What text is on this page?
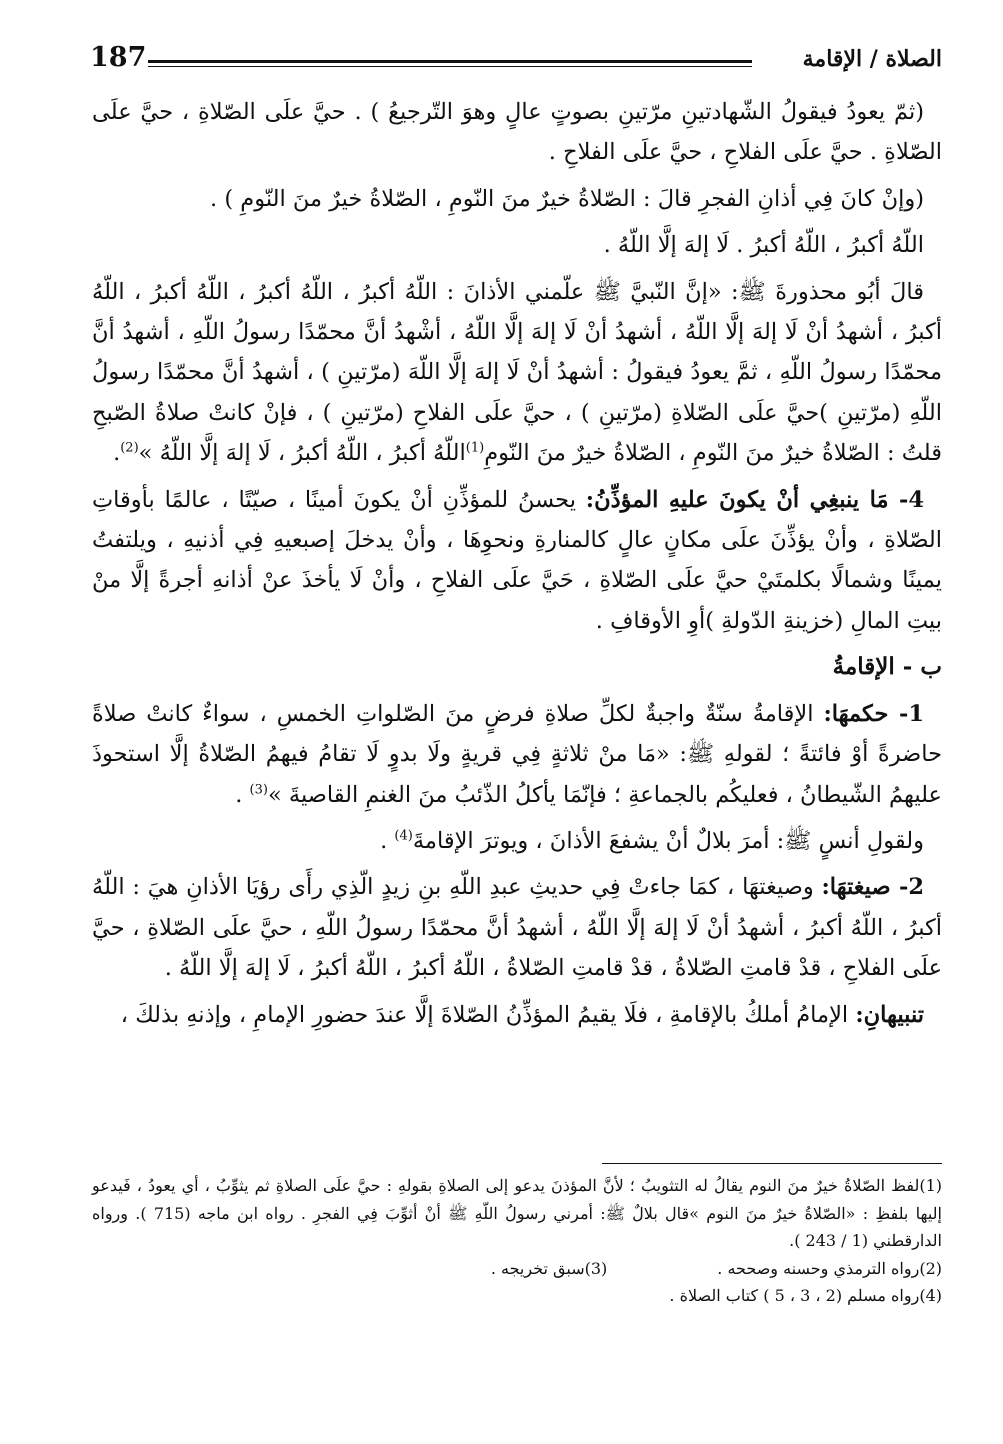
187	الصلاة / الإقامة

(ثمّ يعودُ فيقولُ الشّهادتينِ مرّتينِ بصوتٍ عالٍ وهوَ التّرجيعُ ) . حيَّ علَى الصّلاةِ ، حيَّ علَى الصّلاةِ . حيَّ علَى الفلاحِ ، حيَّ علَى الفلاحِ .

(وإنْ كانَ فِي أذانِ الفجرِ قالَ : الصّلاةُ خيرٌ منَ النّومِ ، الصّلاةُ خيرٌ منَ النّومِ ) .

اللّهُ أكبرُ ، اللّهُ أكبرُ . لَا إلهَ إلَّا اللّهُ .

قالَ أبُو محذورةَ ﷺ: «إنَّ النّبيَّ ﷺ علّمني الأذانَ : اللّهُ أكبرُ ، اللّهُ أكبرُ ، اللّهُ أكبرُ ، اللّهُ أكبرُ ، أشهدُ أنْ لَا إلهَ إلَّا اللّهُ ، أشهدُ أنْ لَا إلهَ إلَّا اللّهُ ، أشْهدُ أنَّ محمّدًا رسولُ اللّهِ ، أشهدُ أنَّ محمّدًا رسولُ اللّهِ ، ثمَّ يعودُ فيقولُ : أشهدُ أنْ لَا إلهَ إلَّا اللّهَ (مرّتينِ ) ، أشهدُ أنَّ محمّدًا رسولُ اللّهِ (مرّتينِ )حيَّ علَى الصّلاةِ (مرّتينِ ) ، حيَّ علَى الفلاحِ (مرّتينِ ) ، فإنْ كانتْ صلاةُ الصّبحِ قلتُ : الصّلاةُ خيرٌ منَ النّومِ ، الصّلاةُ خيرٌ منَ النّومِ$^{(1)}$اللّهُ أكبرُ ، اللّهُ أكبرُ ، لَا إلهَ إلَّا اللّهُ »$^{(2)}$.

4- مَا ينبغِي أنْ يكونَ عليهِ المؤذِّنُ: يحسنُ للمؤذِّنِ أنْ يكونَ أمينًا ، صيّتًا ، عالمًا بأوقاتِ الصّلاةِ ، وأنْ يؤذِّنَ علَى مكانٍ عالٍ كالمنارةِ ونحوِهَا ، وأنْ يدخلَ إصبعيهِ فِي أذنيهِ ، ويلتفتُ يمينًا وشمالًا بكلمتَيْ حيَّ علَى الصّلاةِ ، حَيَّ علَى الفلاحِ ، وأنْ لَا يأخذَ عنْ أذانهِ أجرةً إلَّا منْ بيتِ المالِ (خزينةِ الدّولةِ )أوِ الأوقافِ .

ب - الإقامةُ

1- حكمهَا: الإقامةُ سنّةٌ واجبةٌ لكلِّ صلاةِ فرضٍ منَ الصّلواتِ الخمسِ ، سواءٌ كانتْ صلاةً حاضرةً أوْ فائتةً ؛ لقولهِ ﷺ: «مَا منْ ثلاثةٍ فِي قريةٍ ولَا بدوٍ لَا تقامُ فيهمُ الصّلاةُ إلَّا استحوذَ عليهمُ الشّيطانُ ، فعليكُم بالجماعةِ ؛ فإنّمَا يأكلُ الذّئبُ منَ الغنمِ القاصيةَ »$^{(3)}$ .

ولقولِ أنسٍ ﷺ: أمرَ بلالٌ أنْ يشفعَ الأذانَ ، ويوترَ الإقامةَ$^{(4)}$ .

2- صيغتهَا: وصيغتهَا ، كمَا جاءتْ فِي حديثِ عبدِ اللّهِ بنِ زيدٍ الّذِي رأَى رؤيَا الأذانِ هيَ : اللّهُ أكبرُ ، اللّهُ أكبرُ ، أشهدُ أنْ لَا إلهَ إلَّا اللّهُ ، أشهدُ أنَّ محمّدًا رسولُ اللّهِ ، حيَّ علَى الصّلاةِ ، حيَّ علَى الفلاحِ ، قدْ قامتِ الصّلاةُ ، قدْ قامتِ الصّلاةُ ، اللّهُ أكبرُ ، اللّهُ أكبرُ ، لَا إلهَ إلَّا اللّهُ .

تنبيهانِ: الإمامُ أملكُ بالإقامةِ ، فلَا يقيمُ المؤذِّنُ الصّلاةَ إلَّا عندَ حضورِ الإمامِ ، وإذنهِ بذلكَ ،

(1)لفظ الصّلاةُ خيرٌ منَ النوم يقالُ له التثويبُ ؛ لأنَّ المؤذنَ يدعو إلى الصلاةِ بقولهِ : حيَّ علَى الصلاةِ ثم يثوِّبُ ، أي يعودُ ، فَيدعو إليها بلفظِ : «الصّلاةُ خيرٌ منَ النوم »قال بلالٌ ﷺ: أمرني رسولُ اللّهِ ﷺ أنْ أثوِّبَ فِي الفجرِ . رواه ابن ماجه (715 ). ورواه الدارقطني (1 / 243 ).

(2)رواه الترمذي وحسنه وصححه .

(3)سبق تخريجه .

(4)رواه مسلم (2 ، 3 ، 5 ) كتاب الصلاة .
